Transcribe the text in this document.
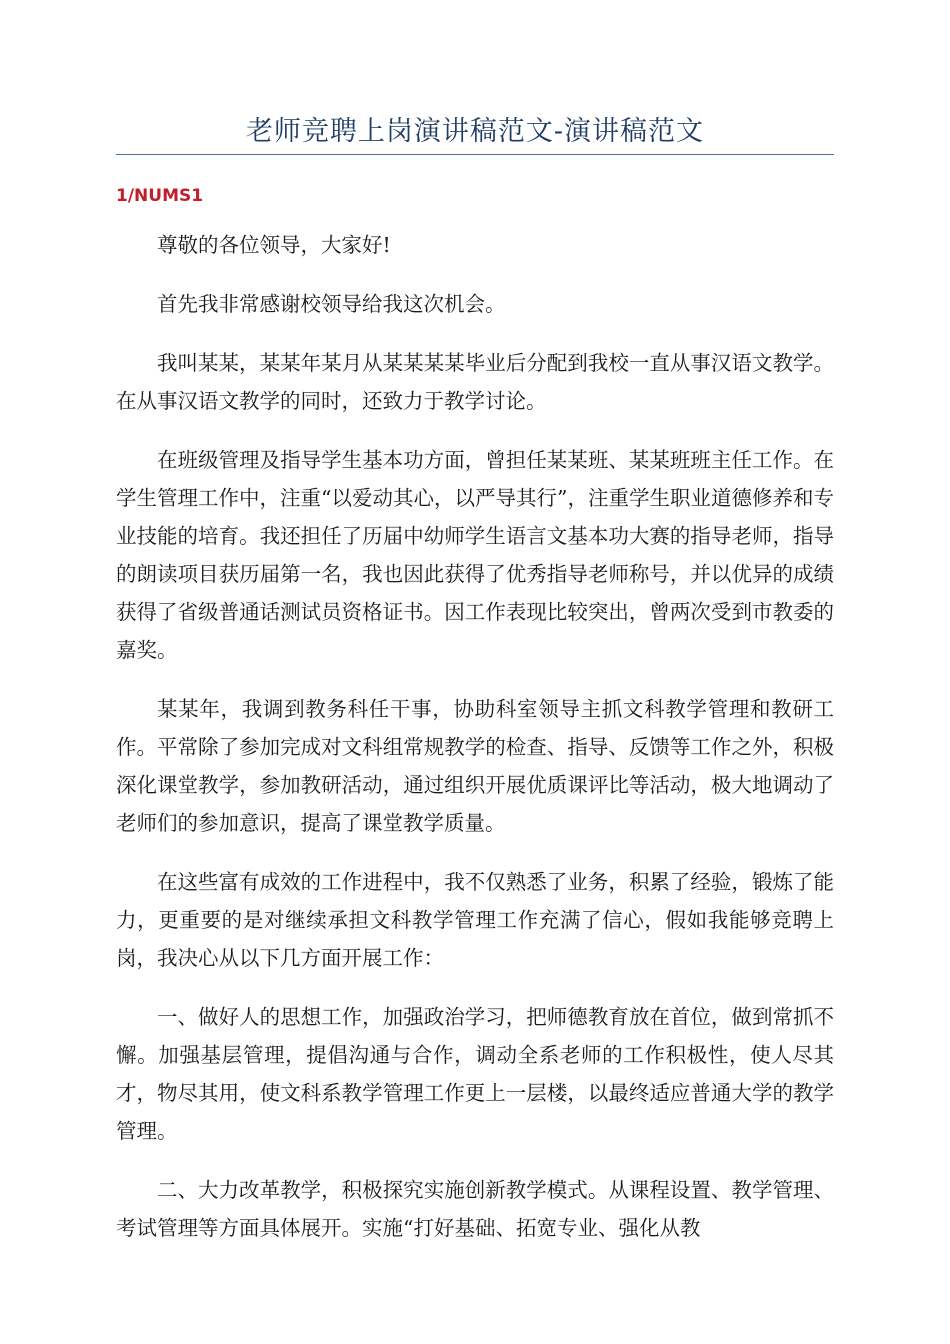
老师竞聘上岗演讲稿范文-演讲稿范文
1/NUMS1

尊敬的各位领导，大家好!

首先我非常感谢校领导给我这次机会。

我叫某某，某某年某月从某某某某毕业后分配到我校一直从事汉语文教学。在从事汉语文教学的同时，还致力于教学讨论。

在班级管理及指导学生基本功方面，曾担任某某班、某某班班主任工作。在学生管理工作中，注重“以爱动其心，以严导其行”，注重学生职业道德修养和专业技能的培育。我还担任了历届中幼师学生语言文基本功大赛的指导老师，指导的朗读项目获历届第一名，我也因此获得了优秀指导老师称号，并以优异的成绩获得了省级普通话测试员资格证书。因工作表现比较突出，曾两次受到市教委的嘉奖。

某某年，我调到教务科任干事，协助科室领导主抓文科教学管理和教研工作。平常除了参加完成对文科组常规教学的检查、指导、反馈等工作之外，积极深化课堂教学，参加教研活动，通过组织开展优质课评比等活动，极大地调动了老师们的参加意识，提高了课堂教学质量。

在这些富有成效的工作进程中，我不仅熟悉了业务，积累了经验，锻炼了能力，更重要的是对继续承担文科教学管理工作充满了信心，假如我能够竞聘上岗，我决心从以下几方面开展工作：

一、做好人的思想工作，加强政治学习，把师德教育放在首位，做到常抓不懈。加强基层管理，提倡沟通与合作，调动全系老师的工作积极性，使人尽其才，物尽其用，使文科系教学管理工作更上一层楼，以最终适应普通大学的教学管理。

二、大力改革教学，积极探究实施创新教学模式。从课程设置、教学管理、考试管理等方面具体展开。实施“打好基础、拓宽专业、强化从教
